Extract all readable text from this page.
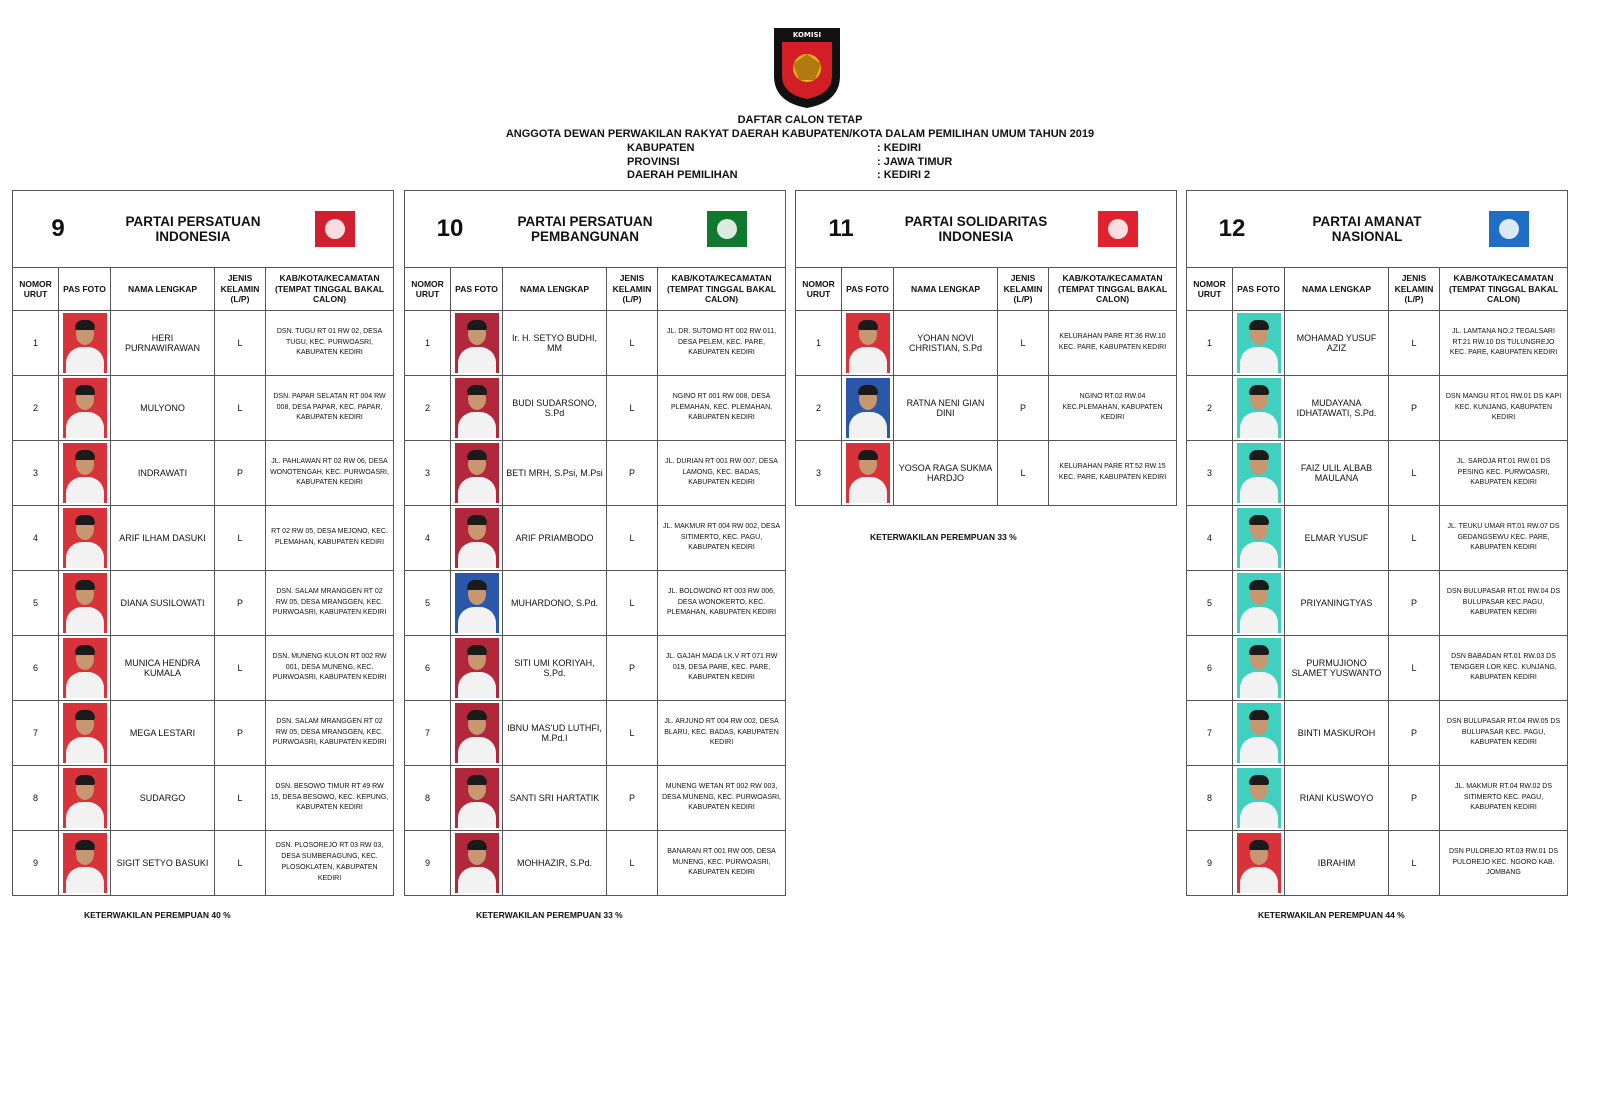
KOMISI
DAFTAR CALON TETAP
ANGGOTA DEWAN PERWAKILAN RAKYAT DAERAH KABUPATEN/KOTA DALAM PEMILIHAN UMUM TAHUN 2019
KABUPATEN	: KEDIRI
PROVINSI	: JAWA TIMUR
DAERAH PEMILIHAN	: KEDIRI 2
9 PARTAI PERSATUAN INDONESIA				

NOMOR URUT	PAS FOTO	NAMA LENGKAP	JENIS KELAMIN (L/P)	KAB/KOTA/KECAMATAN (TEMPAT TINGGAL BAKAL CALON)
1		HERI PURNAWIRAWAN	L	DSN. TUGU RT 01 RW 02, DESA TUGU, KEC. PURWOASRI, KABUPATEN KEDIRI
2		MULYONO	L	DSN. PAPAR SELATAN RT 004 RW 008, DESA PAPAR, KEC. PAPAR, KABUPATEN KEDIRI
3		INDRAWATI	P	JL. PAHLAWAN RT 02 RW 06, DESA WONOTENGAH, KEC. PURWOASRI, KABUPATEN KEDIRI
4		ARIF ILHAM DASUKI	L	RT 02 RW 05, DESA MEJONO, KEC. PLEMAHAN, KABUPATEN KEDIRI
5		DIANA SUSILOWATI	P	DSN. SALAM MRANGGEN RT 02 RW 05, DESA MRANGGEN, KEC. PURWOASRI, KABUPATEN KEDIRI
6		MUNICA HENDRA KUMALA	L	DSN. MUNENG KULON RT 002 RW 001, DESA MUNENG, KEC. PURWOASRI, KABUPATEN KEDIRI
7		MEGA LESTARI	P	DSN. SALAM MRANGGEN RT 02 RW 05, DESA MRANGGEN, KEC. PURWOASRI, KABUPATEN KEDIRI
8		SUDARGO	L	DSN. BESOWO TIMUR RT 49 RW 15, DESA BESOWO, KEC. KEPUNG, KABUPATEN KEDIRI
9		SIGIT SETYO BASUKI	L	DSN. PLOSOREJO RT 03 RW 03, DESA SUMBERAGUNG, KEC. PLOSOKLATEN, KABUPATEN KEDIRI
KETERWAKILAN PEREMPUAN 40 %
10 PARTAI PERSATUAN PEMBANGUNAN				

NOMOR URUT	PAS FOTO	NAMA LENGKAP	JENIS KELAMIN (L/P)	KAB/KOTA/KECAMATAN (TEMPAT TINGGAL BAKAL CALON)
1		Ir. H. SETYO BUDHI, MM	L	JL. DR. SUTOMO RT 002 RW 011, DESA PELEM, KEC. PARE, KABUPATEN KEDIRI
2		BUDI SUDARSONO, S.Pd	L	NGINO RT 001 RW 008, DESA PLEMAHAN, KEC. PLEMAHAN, KABUPATEN KEDIRI
3		BETI MRH, S.Psi, M.Psi	P	JL. DURIAN RT 001 RW 007, DESA LAMONG, KEC. BADAS, KABUPATEN KEDIRI
4		ARIF PRIAMBODO	L	JL. MAKMUR RT 004 RW 002, DESA SITIMERTO, KEC. PAGU, KABUPATEN KEDIRI
5		MUHARDONO, S.Pd.	L	JL. BOLOWONO RT 003 RW 006, DESA WONOKERTO, KEC. PLEMAHAN, KABUPATEN KEDIRI
6		SITI UMI KORIYAH, S.Pd.	P	JL. GAJAH MADA LK.V RT 071 RW 019, DESA PARE, KEC. PARE, KABUPATEN KEDIRI
7		IBNU MAS'UD LUTHFI, M.Pd.I	L	JL. ARJUNO RT 004 RW 002, DESA BLARU, KEC. BADAS, KABUPATEN KEDIRI
8		SANTI SRI HARTATIK	P	MUNENG WETAN RT 002 RW 003, DESA MUNENG, KEC. PURWOASRI, KABUPATEN KEDIRI
9		MOHHAZIR, S.Pd.	L	BANARAN RT 001 RW 005, DESA MUNENG, KEC. PURWOASRI, KABUPATEN KEDIRI
KETERWAKILAN PEREMPUAN 33 %
11 PARTAI SOLIDARITAS INDONESIA				

NOMOR URUT	PAS FOTO	NAMA LENGKAP	JENIS KELAMIN (L/P)	KAB/KOTA/KECAMATAN (TEMPAT TINGGAL BAKAL CALON)
1		YOHAN NOVI CHRISTIAN, S.Pd	L	KELURAHAN PARE RT.36 RW.10 KEC. PARE, KABUPATEN KEDIRI
2		RATNA NENI GIAN DINI	P	NGINO RT.02 RW.04 KEC.PLEMAHAN, KABUPATEN KEDIRI
3		YOSOA RAGA SUKMA HARDJO	L	KELURAHAN PARE RT.52 RW.15 KEC. PARE, KABUPATEN KEDIRI
KETERWAKILAN PEREMPUAN 33 %
12 PARTAI AMANAT NASIONAL				

NOMOR URUT	PAS FOTO	NAMA LENGKAP	JENIS KELAMIN (L/P)	KAB/KOTA/KECAMATAN (TEMPAT TINGGAL BAKAL CALON)
1		MOHAMAD YUSUF AZIZ	L	JL. LAMTANA NO.2 TEGALSARI RT.21 RW.10 DS TULUNGREJO KEC. PARE, KABUPATEN KEDIRI
2		MUDAYANA IDHATAWATI, S.Pd.	P	DSN MANGU RT.01 RW.01 DS KAPI KEC. KUNJANG, KABUPATEN KEDIRI
3		FAIZ ULIL ALBAB MAULANA	L	JL. SAROJA RT.01 RW.01 DS PESING KEC. PURWOASRI, KABUPATEN KEDIRI
4		ELMAR YUSUF	L	JL. TEUKU UMAR RT.01 RW.07 DS GEDANGSEWU KEC. PARE, KABUPATEN KEDIRI
5		PRIYANINGTYAS	P	DSN BULUPASAR RT.01 RW.04 DS BULUPASAR KEC.PAGU, KABUPATEN KEDIRI
6		PURMUJIONO SLAMET YUSWANTO	L	DSN BABADAN RT.01 RW.03 DS TENGGER LOR KEC. KUNJANG, KABUPATEN KEDIRI
7		BINTI MASKUROH	P	DSN BULUPASAR RT.04 RW.05 DS BULUPASAR KEC. PAGU, KABUPATEN KEDIRI
8		RIANI KUSWOYO	P	JL. MAKMUR RT.04 RW.02 DS SITIMERTO KEC. PAGU, KABUPATEN KEDIRI
9		IBRAHIM	L	DSN PULOREJO RT.03 RW.01 DS PULOREJO KEC. NGORO KAB. JOMBANG
KETERWAKILAN PEREMPUAN 44 %
